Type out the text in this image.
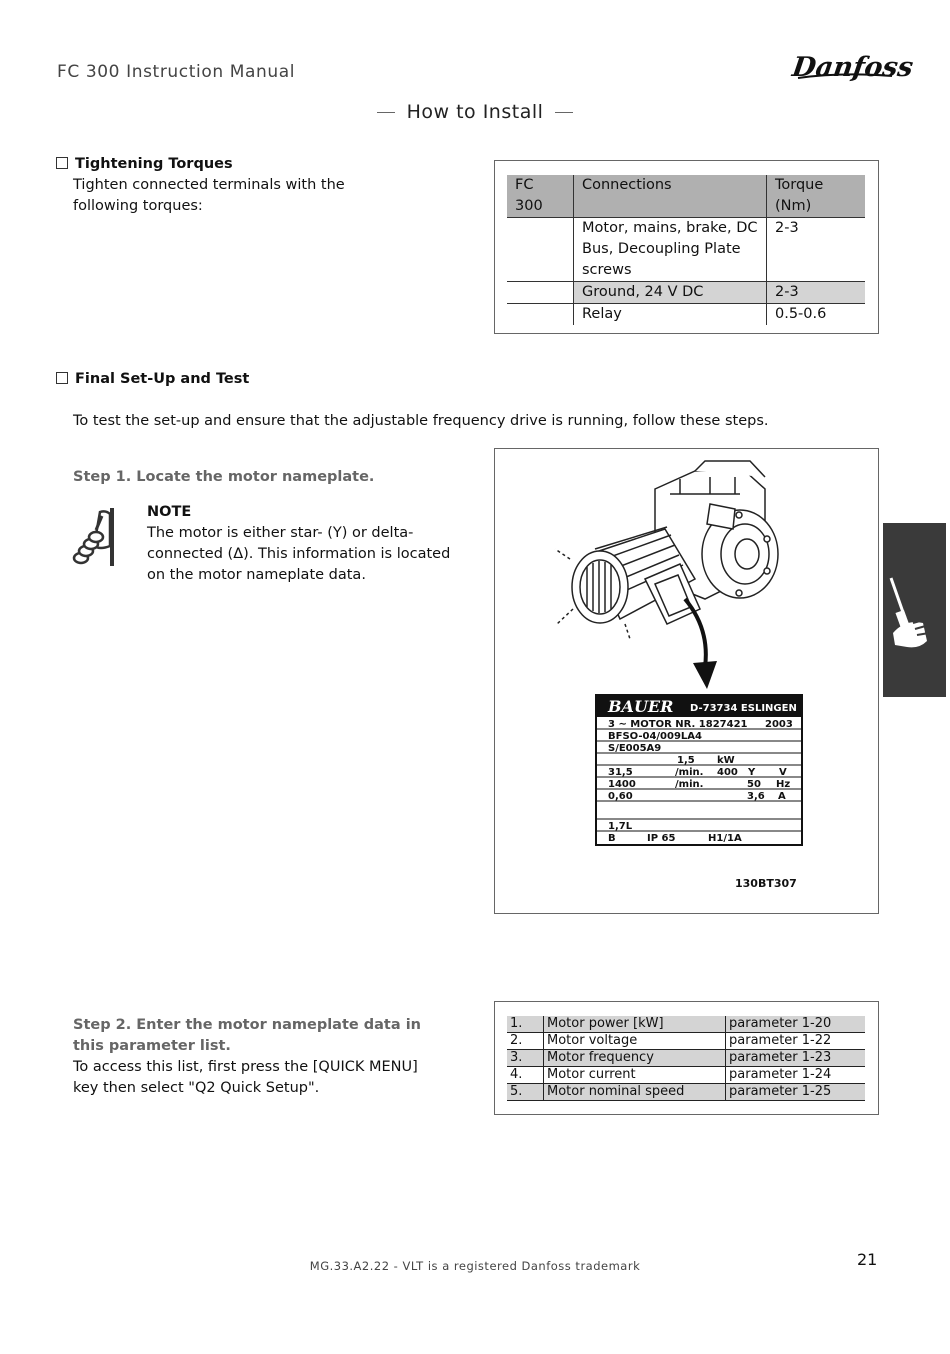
FC 300 Instruction Manual	Danfoss
How to Install
Tightening Torques
Tighten connected terminals with the following torques:
FC 300	Connections	Torque (Nm)
	Motor, mains, brake, DC Bus, Decoupling Plate screws	2-3
	Ground, 24 V DC	2-3
	Relay	0.5-0.6
Final Set-Up and Test
To test the set-up and ensure that the adjustable frequency drive is running, follow these steps.
Step 1. Locate the motor nameplate.
NOTE
The motor is either star- (Y) or delta-connected (Δ). This information is located on the motor nameplate data.
BAUER D-73734 ESLINGEN
3 ∼ MOTOR NR. 1827421 2003
BFSO-04/009LA4
S/E005A9
1,5 kW
31,5	/min. 400 Y V
1400	/min.	50 Hz
0,60	3,6 A
1,7L
B	IP 65	H1/1A
130BT307
Step 2. Enter the motor nameplate data in this parameter list.
To access this list, first press the [QUICK MENU] key then select "Q2 Quick Setup".
1.	Motor power [kW]	parameter 1-20
2.	Motor voltage	parameter 1-22
3.	Motor frequency	parameter 1-23
4.	Motor current	parameter 1-24
5.	Motor nominal speed	parameter 1-25
MG.33.A2.22 - VLT is a registered Danfoss trademark	21
